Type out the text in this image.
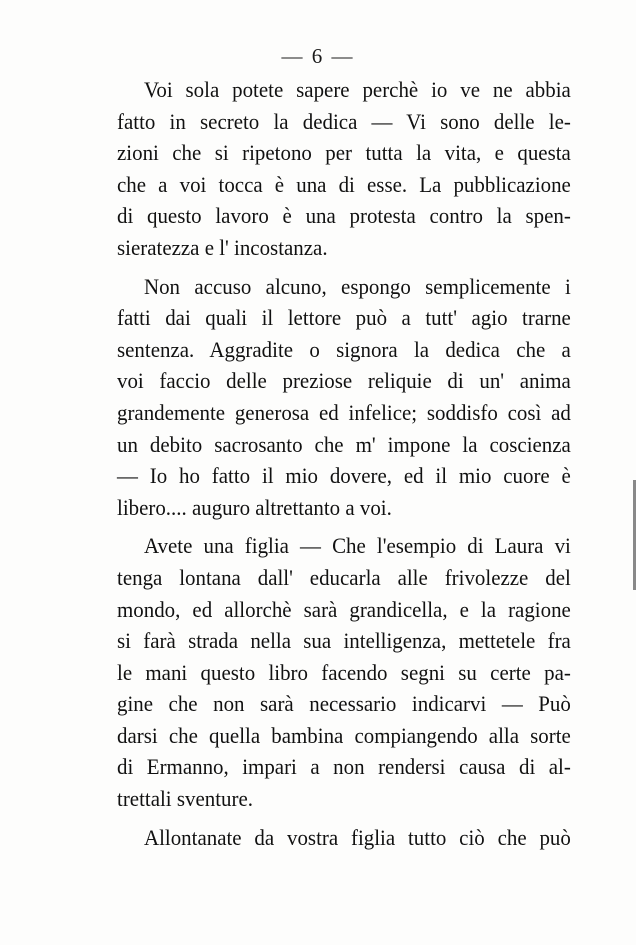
— 6 —
Voi sola potete sapere perchè io ve ne abbia
fatto in secreto la dedica — Vi sono delle le-
zioni che si ripetono per tutta la vita, e questa
che a voi tocca è una di esse. La pubblicazione
di questo lavoro è una protesta contro la spen-
sieratezza e l' incostanza.
Non accuso alcuno, espongo semplicemente i
fatti dai quali il lettore può a tutt' agio trarne
sentenza. Aggradite o signora la dedica che a
voi faccio delle preziose reliquie di un' anima
grandemente generosa ed infelice; soddisfo così ad
un debito sacrosanto che m' impone la coscienza
— Io ho fatto il mio dovere, ed il mio cuore è
libero.... auguro altrettanto a voi.
Avete una figlia — Che l'esempio di Laura vi
tenga lontana dall' educarla alle frivolezze del
mondo, ed allorchè sarà grandicella, e la ragione
si farà strada nella sua intelligenza, mettetele fra
le mani questo libro facendo segni su certe pa-
gine che non sarà necessario indicarvi — Può
darsi che quella bambina compiangendo alla sorte
di Ermanno, impari a non rendersi causa di al-
trettali sventure.
Allontanate da vostra figlia tutto ciò che può
